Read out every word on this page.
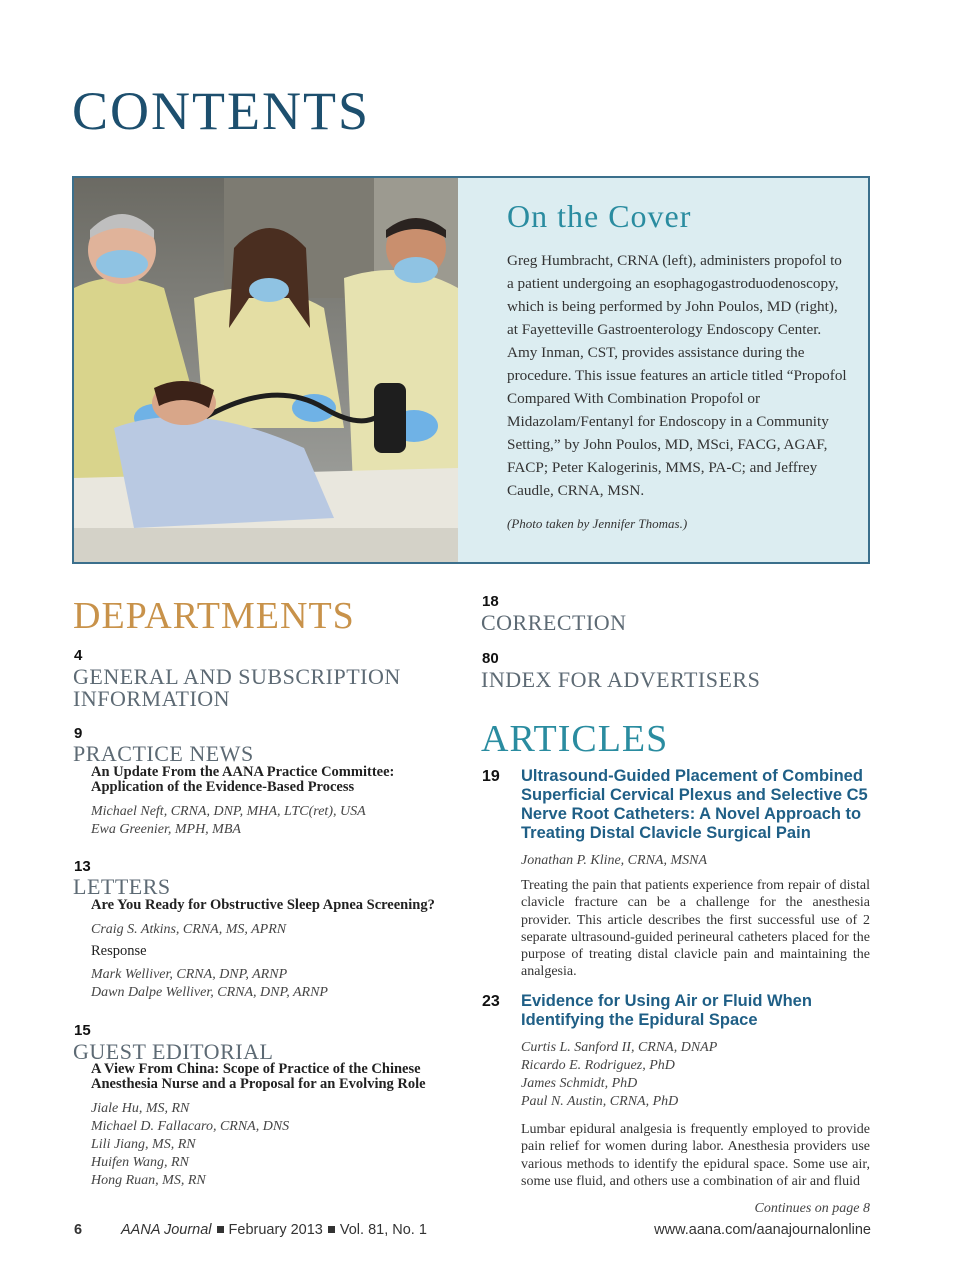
CONTENTS
On the Cover
Greg Humbracht, CRNA (left), administers propofol to a patient undergoing an esophagogastroduodenoscopy, which is being performed by John Poulos, MD (right), at Fayetteville Gastroenterology Endoscopy Center. Amy Inman, CST, provides assistance during the procedure. This issue features an article titled “Propofol Compared With Combination Propofol or Midazolam/Fentanyl for Endoscopy in a Community Setting,” by John Poulos, MD, MSci, FACG, AGAF, FACP; Peter Kalogerinis, MMS, PA-C; and Jeffrey Caudle, CRNA, MSN.
(Photo taken by Jennifer Thomas.)
DEPARTMENTS
4
GENERAL AND SUBSCRIPTION
INFORMATION
9
PRACTICE NEWS
An Update From the AANA Practice Committee:
Application of the Evidence-Based Process
Michael Neft, CRNA, DNP, MHA, LTC(ret), USA
Ewa Greenier, MPH, MBA
13
LETTERS
Are You Ready for Obstructive Sleep Apnea Screening?
Craig S. Atkins, CRNA, MS, APRN
Response
Mark Welliver, CRNA, DNP, ARNP
Dawn Dalpe Welliver, CRNA, DNP, ARNP
15
GUEST EDITORIAL
A View From China: Scope of Practice of the Chinese
Anesthesia Nurse and a Proposal for an Evolving Role
Jiale Hu, MS, RN
Michael D. Fallacaro, CRNA, DNS
Lili Jiang, MS, RN
Huifen Wang, RN
Hong Ruan, MS, RN
18
CORRECTION
80
INDEX FOR ADVERTISERS
ARTICLES
19 Ultrasound-Guided Placement of Combined
Superficial Cervical Plexus and Selective C5
Nerve Root Catheters: A Novel Approach to
Treating Distal Clavicle Surgical Pain
Jonathan P. Kline, CRNA, MSNA
Treating the pain that patients experience from repair of distal clavicle fracture can be a challenge for the anesthesia provider. This article describes the first successful use of 2 separate ultrasound-guided perineural catheters placed for the purpose of treating distal clavicle pain and maintaining the analgesia.
23 Evidence for Using Air or Fluid When
Identifying the Epidural Space
Curtis L. Sanford II, CRNA, DNAP
Ricardo E. Rodriguez, PhD
James Schmidt, PhD
Paul N. Austin, CRNA, PhD
Lumbar epidural analgesia is frequently employed to provide pain relief for women during labor. Anesthesia providers use various methods to identify the epidural space. Some use air, some use fluid, and others use a combination of air and fluid
Continues on page 8
6	AANA Journal February 2013 Vol. 81, No. 1	www.aana.com/aanajournalonline
